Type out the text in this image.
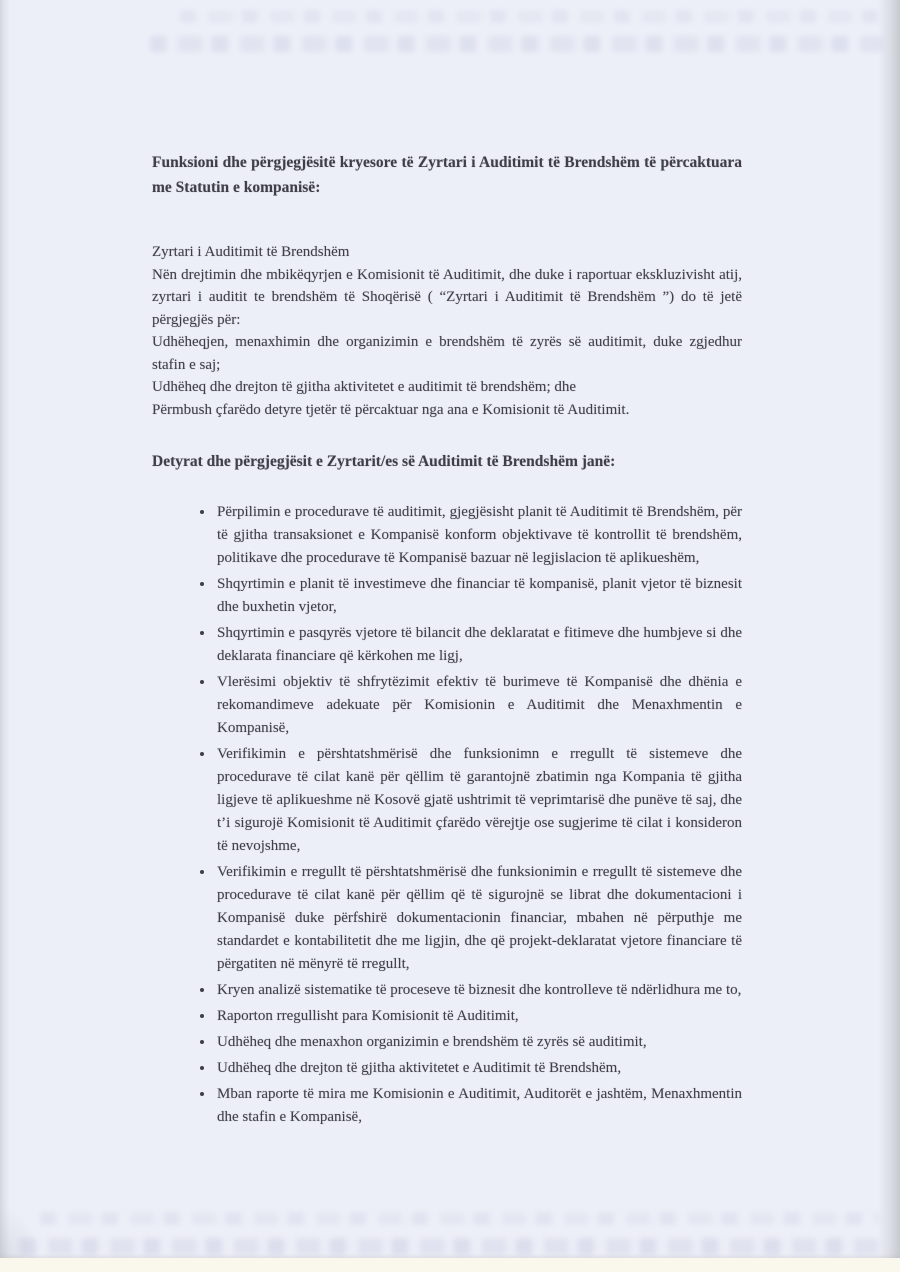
Funksioni dhe përgjegjësitë kryesore të Zyrtari i Auditimit të Brendshëm të përcaktuara me Statutin e kompanisë:

Zyrtari i Auditimit të Brendshëm

Nën drejtimin dhe mbikëqyrjen e Komisionit të Auditimit, dhe duke i raportuar ekskluzivisht atij, zyrtari i auditit te brendshëm të Shoqërisë ( “Zyrtari i Auditimit të Brendshëm ”) do të jetë përgjegjës për:

Udhëheqjen, menaxhimin dhe organizimin e brendshëm të zyrës së auditimit, duke zgjedhur stafin e saj;

Udhëheq dhe drejton të gjitha aktivitetet e auditimit të brendshëm; dhe

Përmbush çfarëdo detyre tjetër të përcaktuar nga ana e Komisionit të Auditimit.

Detyrat dhe përgjegjësit e Zyrtarit/es së Auditimit të Brendshëm janë:
• Përpilimin e procedurave të auditimit, gjegjësisht planit të Auditimit të Brendshëm, për të gjitha transaksionet e Kompanisë konform objektivave të kontrollit të brendshëm, politikave dhe procedurave të Kompanisë bazuar në legjislacion të aplikueshëm,
• Shqyrtimin e planit të investimeve dhe financiar të kompanisë, planit vjetor të biznesit dhe buxhetin vjetor,
• Shqyrtimin e pasqyrës vjetore të bilancit dhe deklaratat e fitimeve dhe humbjeve si dhe deklarata financiare që kërkohen me ligj,
• Vlerësimi objektiv të shfrytëzimit efektiv të burimeve të Kompanisë dhe dhënia e rekomandimeve adekuate për Komisionin e Auditimit dhe Menaxhmentin e Kompanisë,
• Verifikimin e përshtatshmërisë dhe funksionimn e rregullt të sistemeve dhe procedurave të cilat kanë për qëllim të garantojnë zbatimin nga Kompania të gjitha ligjeve të aplikueshme në Kosovë gjatë ushtrimit të veprimtarisë dhe punëve të saj, dhe t’i sigurojë Komisionit të Auditimit çfarëdo vërejtje ose sugjerime të cilat i konsideron të nevojshme,
• Verifikimin e rregullt të përshtatshmërisë dhe funksionimin e rregullt të sistemeve dhe procedurave të cilat kanë për qëllim që të sigurojnë se librat dhe dokumentacioni i Kompanisë duke përfshirë dokumentacionin financiar, mbahen në përputhje me standardet e kontabilitetit dhe me ligjin, dhe që projekt-deklaratat vjetore financiare të përgatiten në mënyrë të rregullt,
• Kryen analizë sistematike të proceseve të biznesit dhe kontrolleve të ndërlidhura me to,
• Raporton rregullisht para Komisionit të Auditimit,
• Udhëheq dhe menaxhon organizimin e brendshëm të zyrës së auditimit,
• Udhëheq dhe drejton të gjitha aktivitetet e Auditimit të Brendshëm,
• Mban raporte të mira me Komisionin e Auditimit, Auditorët e jashtëm, Menaxhmentin dhe stafin e Kompanisë,
